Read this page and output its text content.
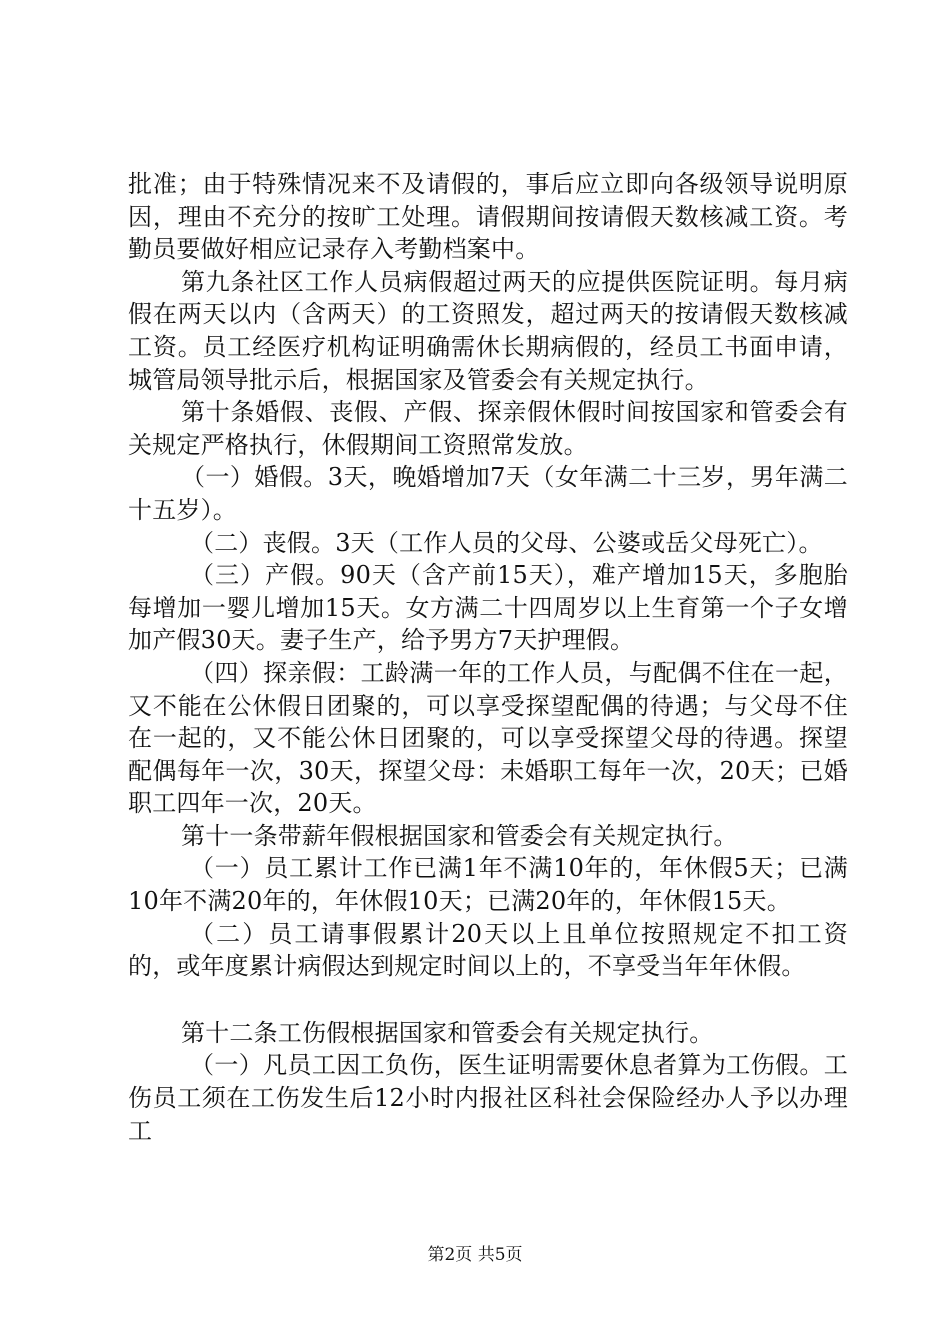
批准；由于特殊情况来不及请假的，事后应立即向各级领导说明原因，理由不充分的按旷工处理。请假期间按请假天数核减工资。考勤员要做好相应记录存入考勤档案中。

第九条社区工作人员病假超过两天的应提供医院证明。每月病假在两天以内（含两天）的工资照发，超过两天的按请假天数核减工资。员工经医疗机构证明确需休长期病假的，经员工书面申请，城管局领导批示后，根据国家及管委会有关规定执行。

第十条婚假、丧假、产假、探亲假休假时间按国家和管委会有关规定严格执行，休假期间工资照常发放。

（一）婚假。3天，晚婚增加7天（女年满二十三岁，男年满二十五岁）。

（二）丧假。3天（工作人员的父母、公婆或岳父母死亡）。

（三）产假。90天（含产前15天），难产增加15天，多胞胎每增加一婴儿增加15天。女方满二十四周岁以上生育第一个子女增加产假30天。妻子生产，给予男方7天护理假。

（四）探亲假：工龄满一年的工作人员，与配偶不住在一起，又不能在公休假日团聚的，可以享受探望配偶的待遇；与父母不住在一起的，又不能公休日团聚的，可以享受探望父母的待遇。探望配偶每年一次，30天，探望父母：未婚职工每年一次，20天；已婚职工四年一次，20天。

第十一条带薪年假根据国家和管委会有关规定执行。

（一）员工累计工作已满1年不满10年的，年休假5天；已满10年不满20年的，年休假10天；已满20年的，年休假15天。

（二）员工请事假累计20天以上且单位按照规定不扣工资的，或年度累计病假达到规定时间以上的，不享受当年年休假。

第十二条工伤假根据国家和管委会有关规定执行。

（一）凡员工因工负伤，医生证明需要休息者算为工伤假。工伤员工须在工伤发生后12小时内报社区科社会保险经办人予以办理工

第2页 共5页
